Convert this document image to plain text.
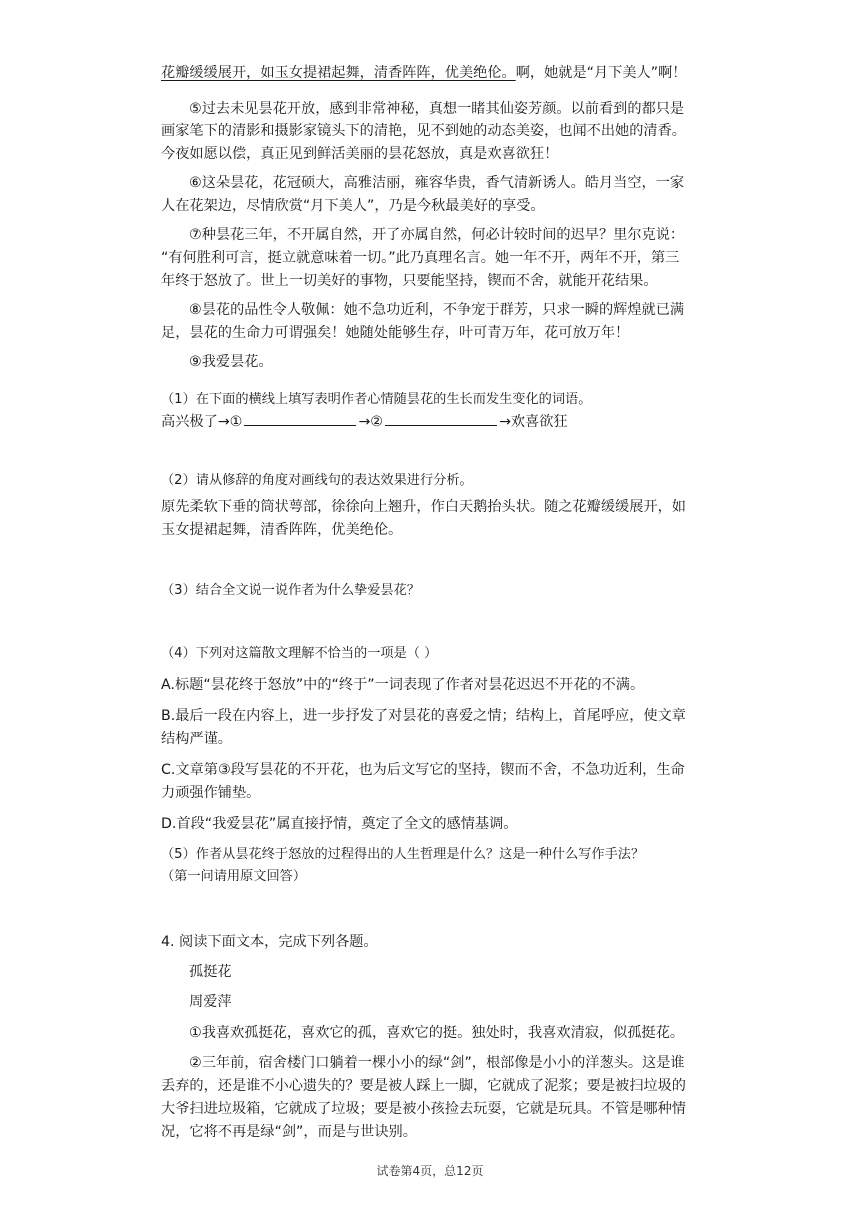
花瓣缓缓展开，如玉女提裙起舞，清香阵阵，优美绝伦。啊，她就是“月下美人”啊！
⑤过去未见昙花开放，感到非常神秘，真想一睹其仙姿芳颜。以前看到的都只是
画家笔下的清影和摄影家镜头下的清艳，见不到她的动态美姿，也闻不出她的清香。
今夜如愿以偿，真正见到鲜活美丽的昙花怒放，真是欢喜欲狂！
⑥这朵昙花，花冠硕大，高雅洁丽，雍容华贵，香气清新诱人。皓月当空，一家
人在花架边，尽情欣赏“月下美人”，乃是今秋最美好的享受。
⑦种昙花三年，不开属自然，开了亦属自然，何必计较时间的迟早？里尔克说：
“有何胜利可言，挺立就意味着一切。”此乃真理名言。她一年不开，两年不开，第三
年终于怒放了。世上一切美好的事物，只要能坚持，锲而不舍，就能开花结果。
⑧昙花的品性令人敬佩：她不急功近利，不争宠于群芳，只求一瞬的辉煌就已满
足，昙花的生命力可谓强矣！她随处能够生存，叶可青万年，花可放万年！
⑨我爱昙花。
（1）在下面的横线上填写表明作者心情随昙花的生长而发生变化的词语。
高兴极了→①	→②	→欢喜欲狂
（2）请从修辞的角度对画线句的表达效果进行分析。
原先柔软下垂的筒状萼部，徐徐向上翘升，作白天鹅抬头状。随之花瓣缓缓展开，如
玉女提裙起舞，清香阵阵，优美绝伦。
（3）结合全文说一说作者为什么挚爱昙花？
（4）下列对这篇散文理解不恰当的一项是（ ）
A.标题“昙花终于怒放”中的“终于”一词表现了作者对昙花迟迟不开花的不满。
B.最后一段在内容上，进一步抒发了对昙花的喜爱之情；结构上，首尾呼应，使文章
结构严谨。
C.文章第③段写昙花的不开花，也为后文写它的坚持，锲而不舍，不急功近利，生命
力顽强作铺垫。
D.首段“我爱昙花”属直接抒情，奠定了全文的感情基调。
（5）作者从昙花终于怒放的过程得出的人生哲理是什么？这是一种什么写作手法？
（第一问请用原文回答）
4. 阅读下面文本，完成下列各题。
孤挺花
周爱萍
①我喜欢孤挺花，喜欢它的孤，喜欢它的挺。独处时，我喜欢清寂，似孤挺花。
②三年前，宿舍楼门口躺着一棵小小的绿“剑”，根部像是小小的洋葱头。这是谁
丢弃的，还是谁不小心遗失的？要是被人踩上一脚，它就成了泥浆；要是被扫垃圾的
大爷扫进垃圾箱，它就成了垃圾；要是被小孩捡去玩耍，它就是玩具。不管是哪种情
况，它将不再是绿“剑”，而是与世诀别。
试卷第4页，总12页
